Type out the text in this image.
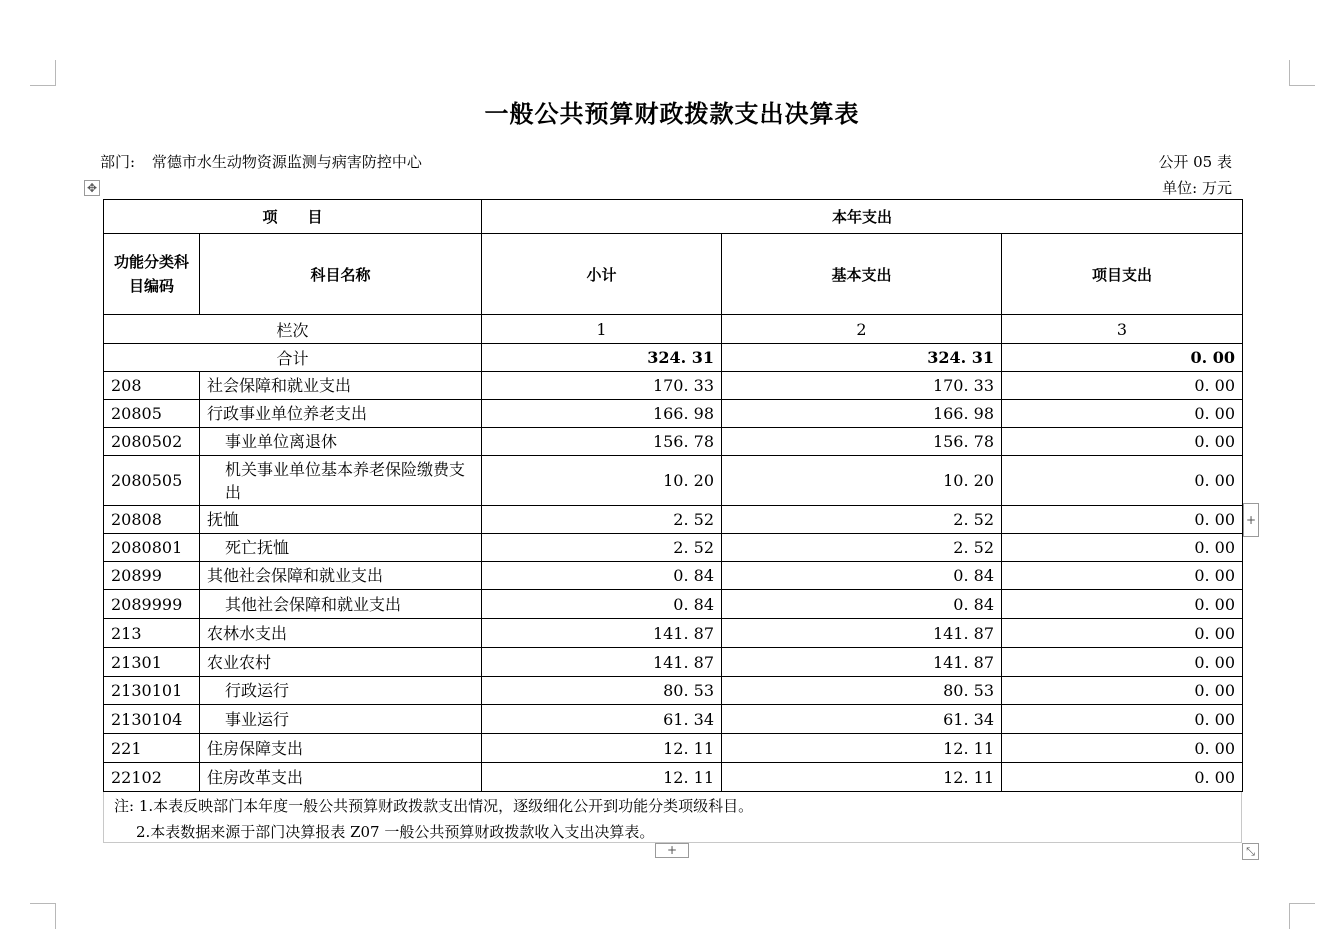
一般公共预算财政拨款支出决算表
部门: 常德市水生动物资源监测与病害防控中心	公开 05 表
单位: 万元
✥
项　　目		本年支出		
功能分类科目编码	科目名称	小计	基本支出	项目支出
栏次		1	2	3
合计		324. 31	324. 31	0. 00
208	社会保障和就业支出	170. 33	170. 33	0. 00
20805	行政事业单位养老支出	166. 98	166. 98	0. 00
2080502	事业单位离退休	156. 78	156. 78	0. 00
2080505	机关事业单位基本养老保险缴费支出	10. 20	10. 20	0. 00
20808	抚恤	2. 52	2. 52	0. 00
2080801	死亡抚恤	2. 52	2. 52	0. 00
20899	其他社会保障和就业支出	0. 84	0. 84	0. 00
2089999	其他社会保障和就业支出	0. 84	0. 84	0. 00
213	农林水支出	141. 87	141. 87	0. 00
21301	农业农村	141. 87	141. 87	0. 00
2130101	行政运行	80. 53	80. 53	0. 00
2130104	事业运行	61. 34	61. 34	0. 00
221	住房保障支出	12. 11	12. 11	0. 00
22102	住房改革支出	12. 11	12. 11	0. 00
注: 1.本表反映部门本年度一般公共预算财政拨款支出情况，逐级细化公开到功能分类项级科目。
2.本表数据来源于部门决算报表 Z07 一般公共预算财政拨款收入支出决算表。
+
+
⤡
